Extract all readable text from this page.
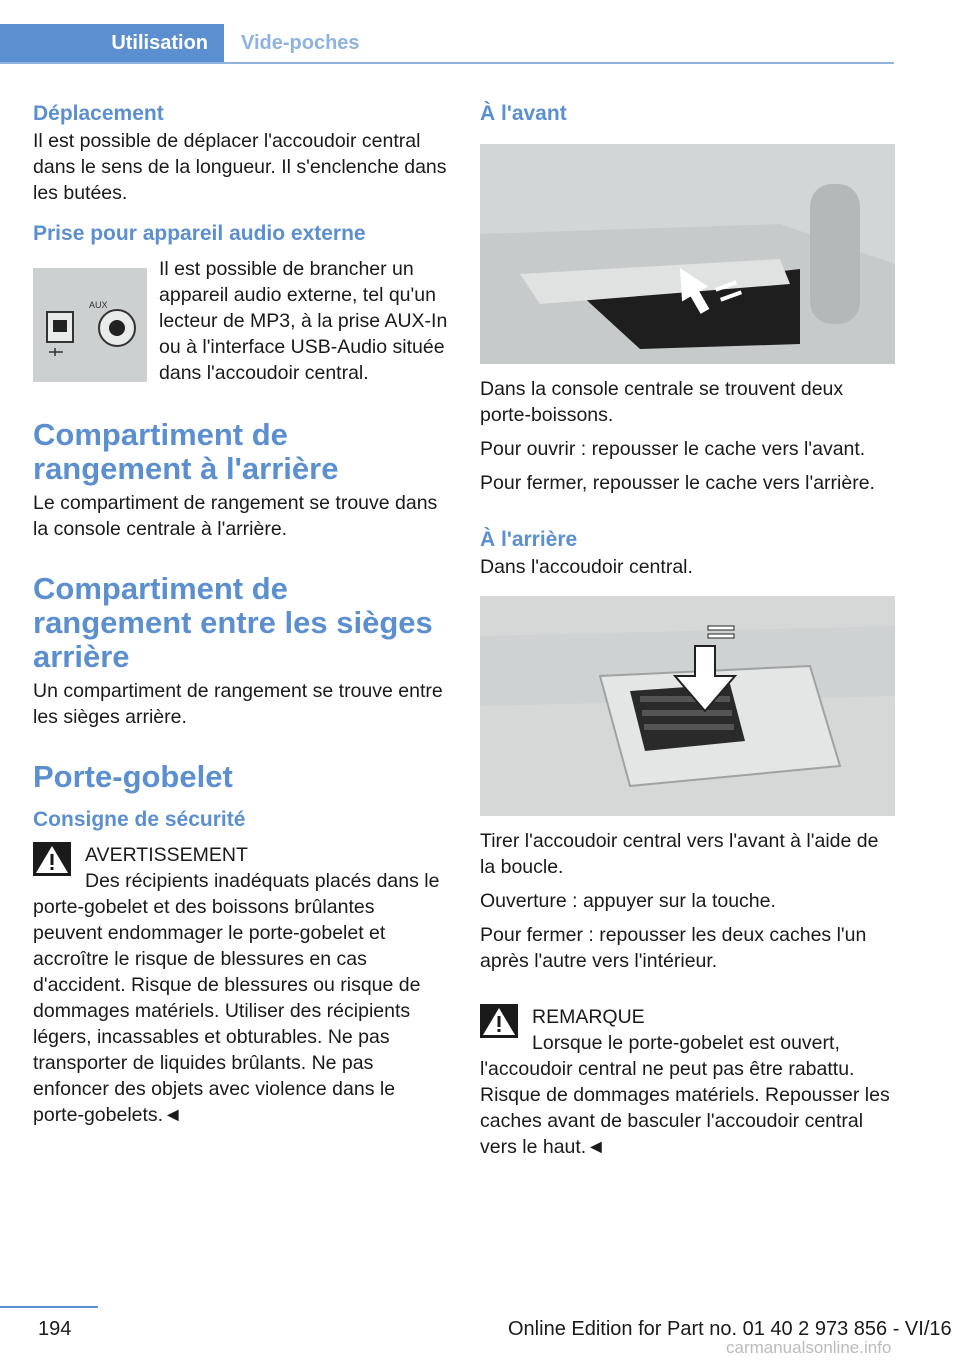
Utilisation	Vide-poches
Déplacement

Il est possible de déplacer l'accoudoir central dans le sens de la longueur. Il s'enclenche dans les butées.

Prise pour appareil audio externe
AUX

Il est possible de brancher un appareil audio externe, tel qu'un lecteur de MP3, à la prise AUX-In ou à l'interface USB-Audio située dans l'accoudoir central.

Compartiment de rangement à l'arrière

Le compartiment de rangement se trouve dans la console centrale à l'arrière.

Compartiment de rangement entre les sièges arrière

Un compartiment de rangement se trouve entre les sièges arrière.

Porte-gobelet
Consigne de sécurité

AVERTISSEMENT

Des récipients inadéquats placés dans le porte-gobelet et des boissons brûlantes peuvent endommager le porte-gobelet et accroître le risque de blessures en cas d'accident. Risque de blessures ou risque de dommages matériels. Utiliser des récipients légers, incassables et obturables. Ne pas transporter de liquides brûlants. Ne pas enfoncer des objets avec violence dans le porte-gobelets.◄

À l'avant

Dans la console centrale se trouvent deux porte-boissons.

Pour ouvrir : repousser le cache vers l'avant.

Pour fermer, repousser le cache vers l'arrière.

À l'arrière

Dans l'accoudoir central.

Tirer l'accoudoir central vers l'avant à l'aide de la boucle.

Ouverture : appuyer sur la touche.

Pour fermer : repousser les deux caches l'un après l'autre vers l'intérieur.

REMARQUE

Lorsque le porte-gobelet est ouvert, l'accoudoir central ne peut pas être rabattu. Risque de dommages matériels. Repousser les caches avant de basculer l'accoudoir central vers le haut.◄

194	Online Edition for Part no. 01 40 2 973 856 - VI/16
carmanualsonline.info
